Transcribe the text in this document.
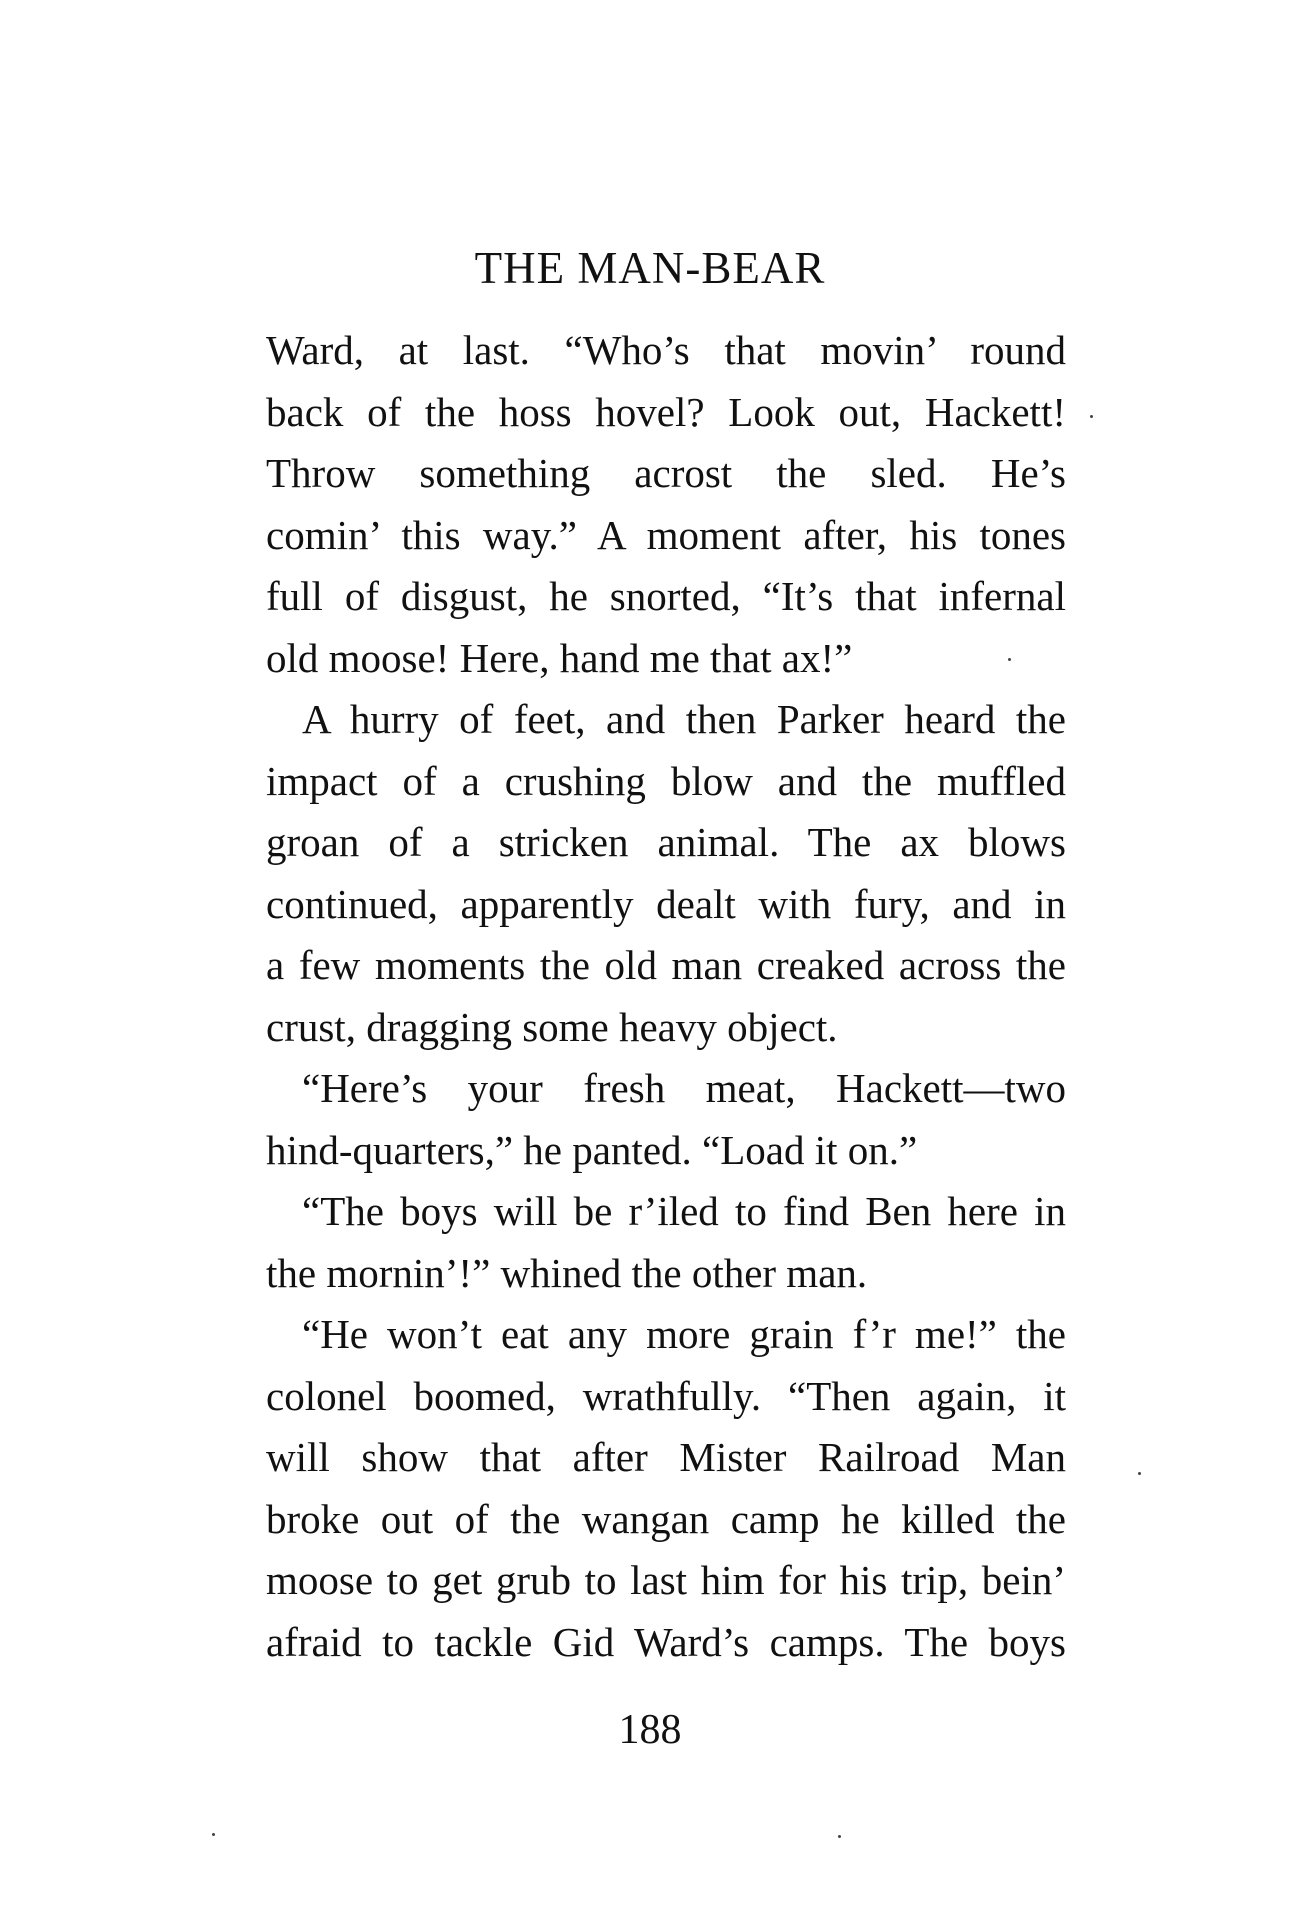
THE MAN-BEAR
Ward, at last. “Who’s that movin’ round
back of the hoss hovel? Look out, Hackett!
Throw something acrost the sled. He’s
comin’ this way.” A moment after, his tones
full of disgust, he snorted, “It’s that infernal
old moose! Here, hand me that ax!”
A hurry of feet, and then Parker heard the
impact of a crushing blow and the muffled
groan of a stricken animal. The ax blows
continued, apparently dealt with fury, and in
a few moments the old man creaked across the
crust, dragging some heavy object.
“Here’s your fresh meat, Hackett—two
hind-quarters,” he panted. “Load it on.”
“The boys will be r’iled to find Ben here in
the mornin’!” whined the other man.
“He won’t eat any more grain f’r me!” the
colonel boomed, wrathfully. “Then again, it
will show that after Mister Railroad Man
broke out of the wangan camp he killed the
moose to get grub to last him for his trip, bein’
afraid to tackle Gid Ward’s camps. The boys
188
